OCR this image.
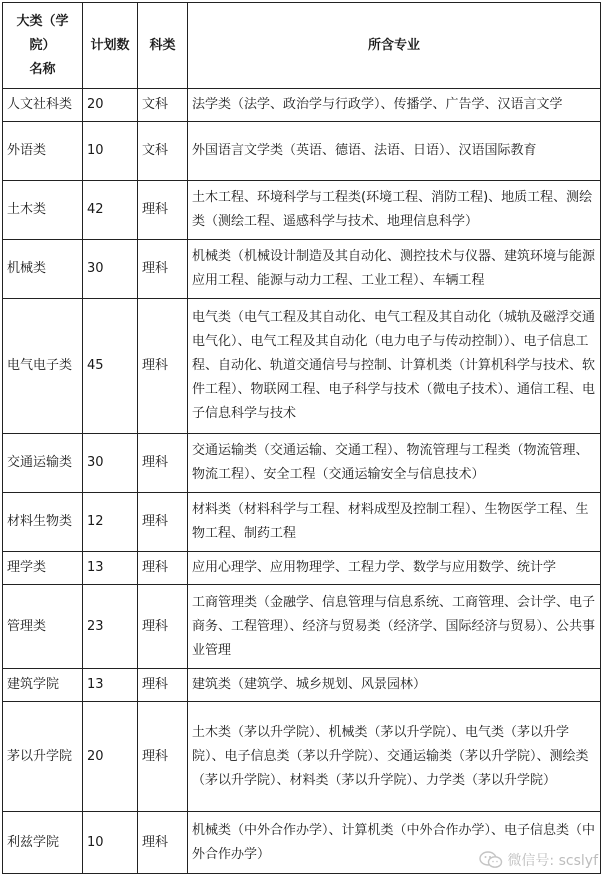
大类（学
院）
名称	计划数	科类	所含专业
人文社科类	20	文科	法学类（法学、政治学与行政学）、传播学、广告学、汉语言文学
外语类	10	文科	外国语言文学类（英语、德语、法语、日语）、汉语国际教育
土木类	42	理科	土木工程、环境科学与工程类(环境工程、消防工程)、地质工程、测绘类（测绘工程、遥感科学与技术、地理信息科学）
机械类	30	理科	机械类（机械设计制造及其自动化、测控技术与仪器、建筑环境与能源应用工程、能源与动力工程、工业工程）、车辆工程
电气电子类	45	理科	电气类（电气工程及其自动化、电气工程及其自动化（城轨及磁浮交通电气化）、电气工程及其自动化（电力电子与传动控制））、电子信息工程、自动化、轨道交通信号与控制、计算机类（计算机科学与技术、软件工程）、物联网工程、电子科学与技术（微电子技术）、通信工程、电子信息科学与技术
交通运输类	30	理科	交通运输类（交通运输、交通工程）、物流管理与工程类（物流管理、物流工程）、安全工程（交通运输安全与信息技术）
材料生物类	12	理科	材料类（材料科学与工程、材料成型及控制工程）、生物医学工程、生物工程、制药工程
理学类	13	理科	应用心理学、应用物理学、工程力学、数学与应用数学、统计学
管理类	23	理科	工商管理类（金融学、信息管理与信息系统、工商管理、会计学、电子商务、工程管理）、经济与贸易类（经济学、国际经济与贸易）、公共事业管理
建筑学院	13	理科	建筑类（建筑学、城乡规划、风景园林）
茅以升学院	20	理科	土木类（茅以升学院）、机械类（茅以升学院）、电气类（茅以升学院）、电子信息类（茅以升学院）、交通运输类（茅以升学院）、测绘类（茅以升学院）、材料类（茅以升学院）、力学类（茅以升学院）
利兹学院	10	理科	机械类（中外合作办学）、计算机类（中外合作办学）、电子信息类（中外合作办学）	微信号: scslyf
